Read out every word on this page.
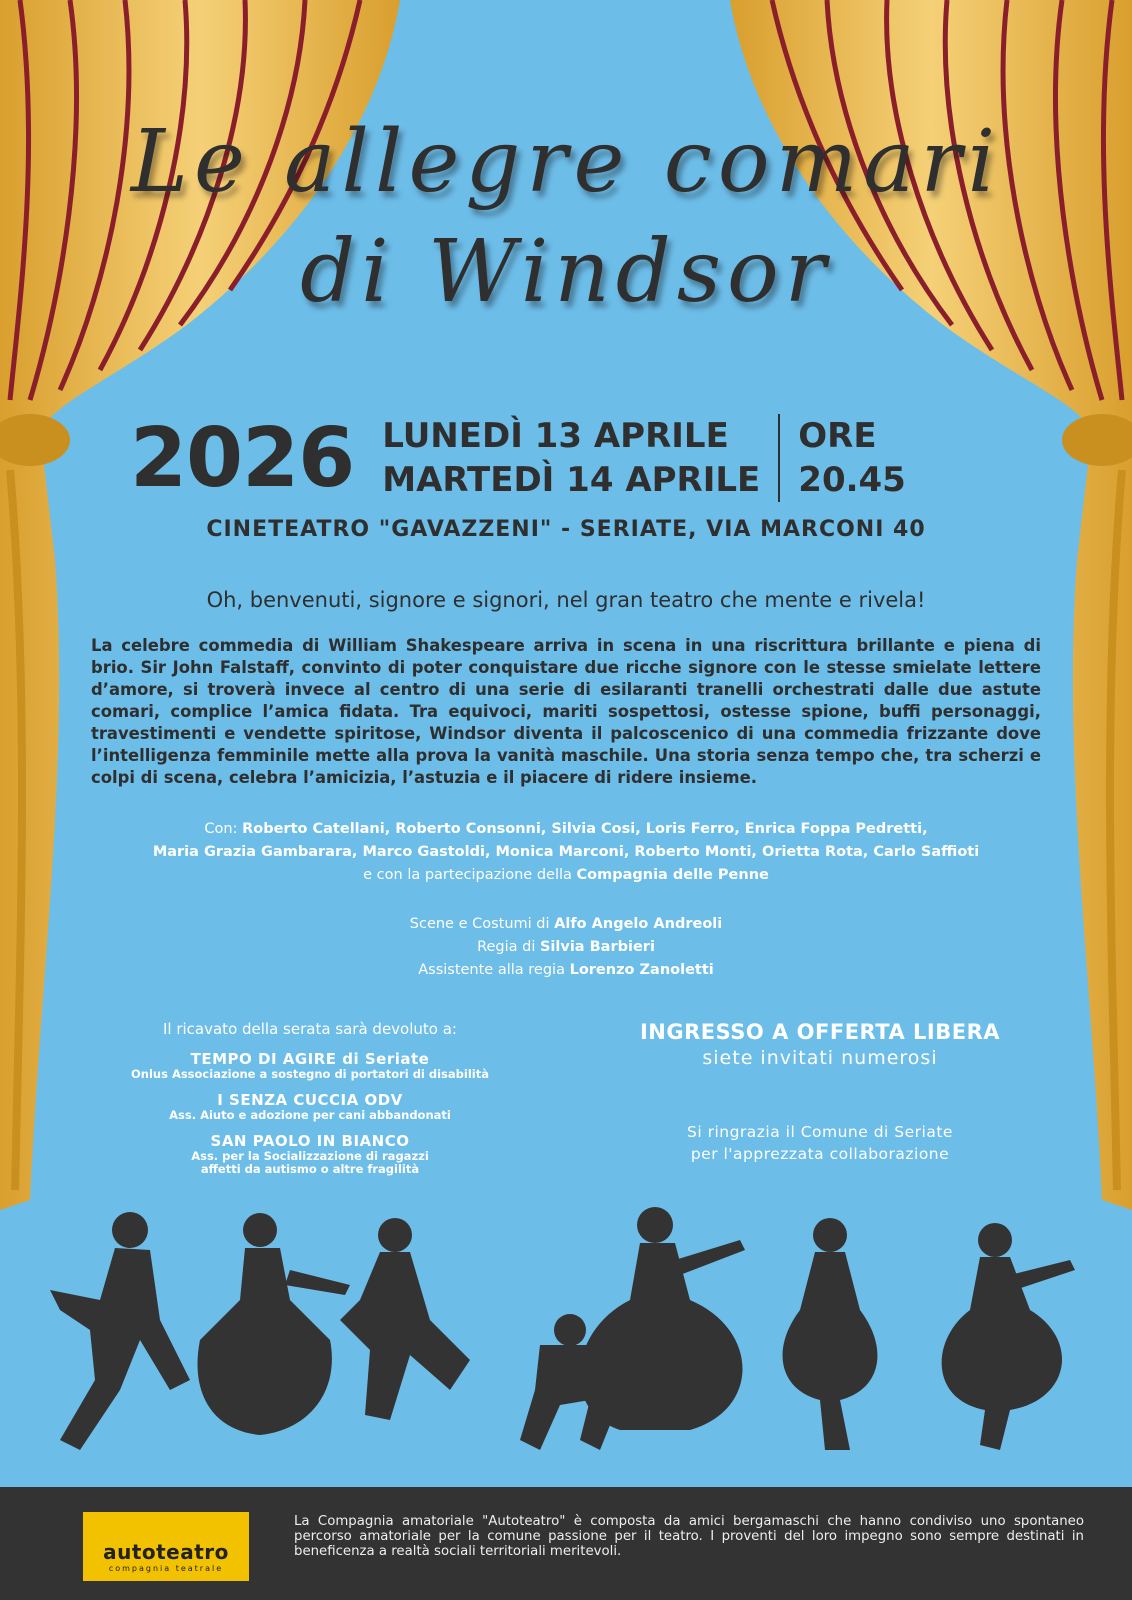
Le allegre comari
di Windsor
2026 LUNEDÌ 13 APRILE
MARTEDÌ 14 APRILE
ORE
20.45
CINETEATRO "GAVAZZENI" - SERIATE, VIA MARCONI 40
Oh, benvenuti, signore e signori, nel gran teatro che mente e rivela!
La celebre commedia di William Shakespeare arriva in scena in una riscrittura brillante e piena di brio. Sir John Falstaff, convinto di poter conquistare due ricche signore con le stesse smielate lettere d’amore, si troverà invece al centro di una serie di esilaranti tranelli orchestrati dalle due astute comari, complice l’amica fidata. Tra equivoci, mariti sospettosi, ostesse spione, buffi personaggi, travestimenti e vendette spiritose, Windsor diventa il palcoscenico di una commedia frizzante dove l’intelligenza femminile mette alla prova la vanità maschile. Una storia senza tempo che, tra scherzi e colpi di scena, celebra l’amicizia, l’astuzia e il piacere di ridere insieme.
Con: Roberto Catellani, Roberto Consonni, Silvia Cosi, Loris Ferro, Enrica Foppa Pedretti,
Maria Grazia Gambarara, Marco Gastoldi, Monica Marconi, Roberto Monti, Orietta Rota, Carlo Saffioti
e con la partecipazione della Compagnia delle Penne
Scene e Costumi di Alfo Angelo Andreoli
Regia di Silvia Barbieri
Assistente alla regia Lorenzo Zanoletti
Il ricavato della serata sarà devoluto a:
TEMPO DI AGIRE di Seriate
Onlus Associazione a sostegno di portatori di disabilità
I SENZA CUCCIA ODV
Ass. Aiuto e adozione per cani abbandonati
SAN PAOLO IN BIANCO
Ass. per la Socializzazione di ragazzi
affetti da autismo o altre fragilità
INGRESSO A OFFERTA LIBERA
siete invitati numerosi
Si ringrazia il Comune di Seriate
per l'apprezzata collaborazione
autoteatro
compagnia teatrale
La Compagnia amatoriale "Autoteatro" è composta da amici bergamaschi che hanno condiviso uno spontaneo percorso amatoriale per la comune passione per il teatro. I proventi del loro impegno sono sempre destinati in beneficenza a realtà sociali territoriali meritevoli.
